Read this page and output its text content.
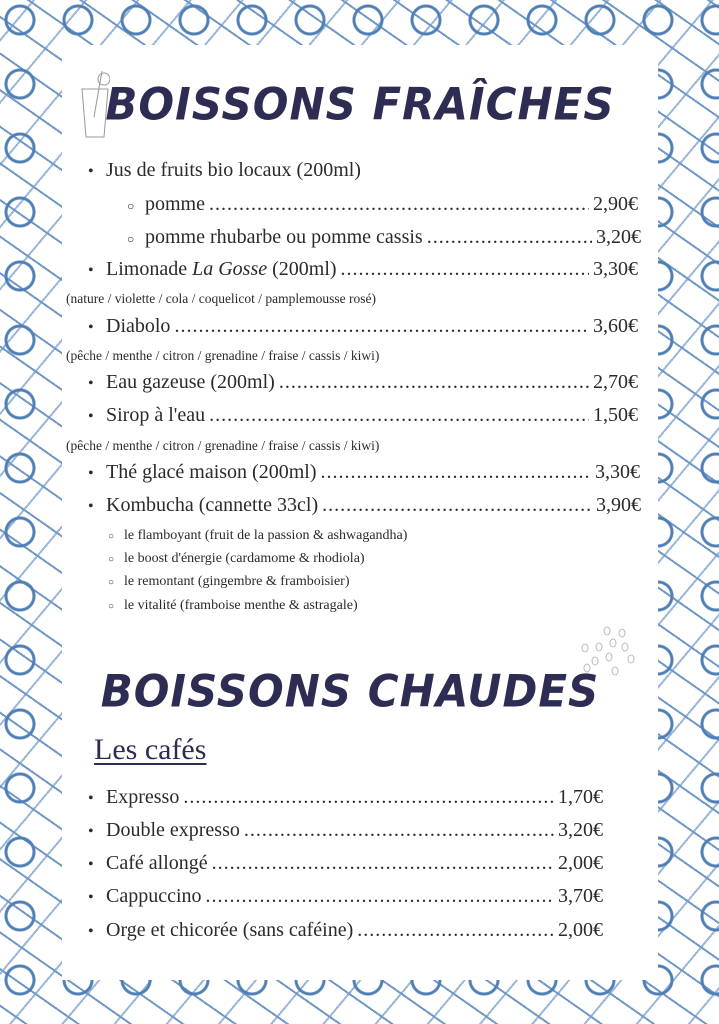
BOISSONS FRAÎCHES
• Jus de fruits bio locaux (200ml)
○ pomme .....	2,90€
○ pomme rhubarbe ou pomme cassis .....	3,20€
• Limonade La Gosse (200ml) .....	3,30€
(nature / violette / cola / coquelicot / pamplemousse rosé)
• Diabolo .....	3,60€
(pêche / menthe / citron / grenadine / fraise / cassis / kiwi)
• Eau gazeuse (200ml) .....	2,70€
• Sirop à l'eau .....	1,50€
(pêche / menthe / citron / grenadine / fraise / cassis / kiwi)
• Thé glacé maison (200ml) .....	3,30€
• Kombucha (cannette 33cl) .....	3,90€
○ le flamboyant (fruit de la passion & ashwagandha)
○ le boost d'énergie (cardamome & rhodiola)
○ le remontant (gingembre & framboisier)
○ le vitalité (framboise menthe & astragale)
BOISSONS CHAUDES
Les cafés
• Expresso .....	1,70€
• Double expresso .....	3,20€
• Café allongé .....	2,00€
• Cappuccino .....	3,70€
• Orge et chicorée (sans caféine) .....	2,00€
